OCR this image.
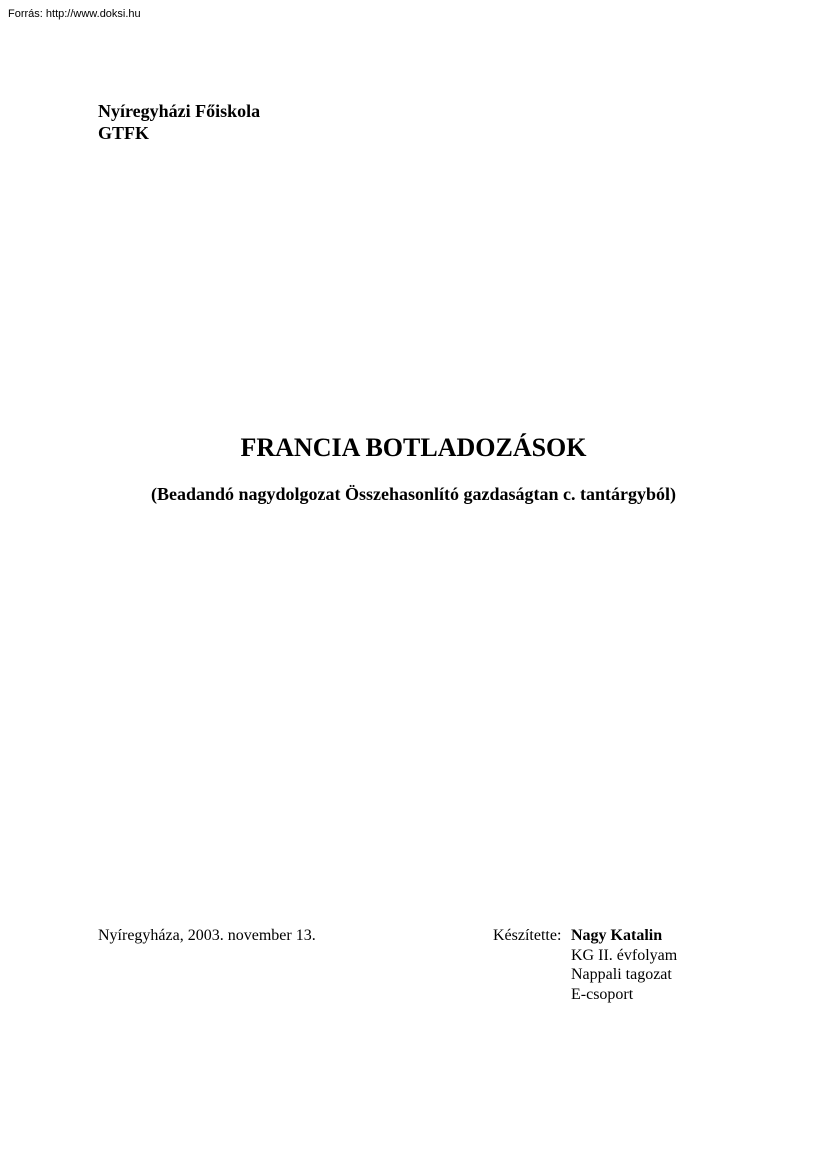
Forrás: http://www.doksi.hu
Nyíregyházi Főiskola
GTFK
FRANCIA BOTLADOZÁSOK
(Beadandó nagydolgozat Összehasonlító gazdaságtan c. tantárgyból)
Nyíregyháza, 2003. november 13.	Készítette: Nagy Katalin
KG II. évfolyam
Nappali tagozat
E-csoport
